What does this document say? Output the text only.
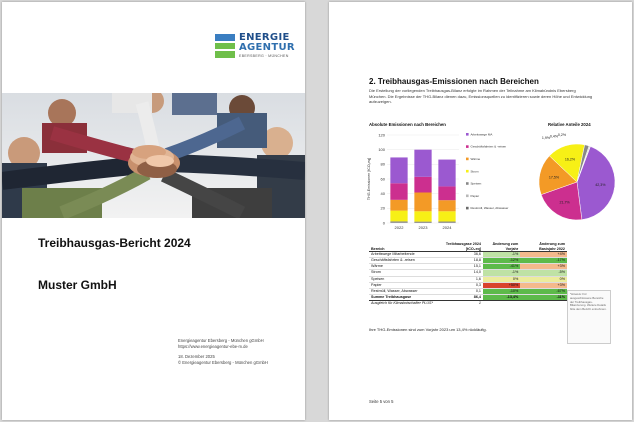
ENERGIE
AGENTUR
EBERSBERG · MÜNCHEN
Treibhausgas-Bericht 2024
Muster GmbH
Energieagentur Ebersberg - München gGmbH
https://www.energieagentur-ebe-m.de
18. Dezember 2025
© Energieagentur Ebersberg - München gGmbH
2. Treibhausgas-Emissionen nach Bereichen
Die Erstellung der vorliegenden Treibhausgas-Bilanz erfolgte im Rahmen der Teilnahme am Klimabündnis Ebersberg München. Die Ergebnisse der THG-Bilanz dienen dazu, Emissionsquellen zu identifizieren sowie deren Höhe und Entwicklung aufzuzeigen.
Absolute Emissionen nach Bereichen	Relative Anteile 2024
0
20
40
60
80
100
120
THG-Emissionen [tCO₂eq]
2022	2023	2024
Arbeitswege MA
Geschäftsfahrten & -reisen
Wärme
Strom
Speisen
Papier
Restmüll, Wasser, Abwasser
42,3%
21,7%
17,5%
16,2%
1,9% 0,4% 0,2%
Bereich	Treibhausgase 2024 [tCO₂eq]	Änderung zum Vorjahr	Änderung zum Basisjahr 2022
Arbeitswege Mitarbeitende	36,6	-1%	+4%
Geschäftsfahrten & -reisen	18,8	-12%	-17%
Wärme	15,1	-41%	+3%
Strom	14,0	-1%	-5%
Speisen	1,6	0%	0%
Papier	0,3	+50%	+3%
Restmüll, Wasser, Abwasser	0,1	-10%	-67%
Summe Treibhausgase	86,4	-13,4%	-11%
Ausgleich für Klimabotschafter PLUS*	1		
Ihre THG-Emissionen sind zum Vorjahr 2023 um 13,4% rückläufig.
*Hinweis: Für ausgeschlossene Bereiche der Treibhausgas-Bilanzierung. Weitere Details bitte dem Bericht entnehmen.
Seite 5 von 5
